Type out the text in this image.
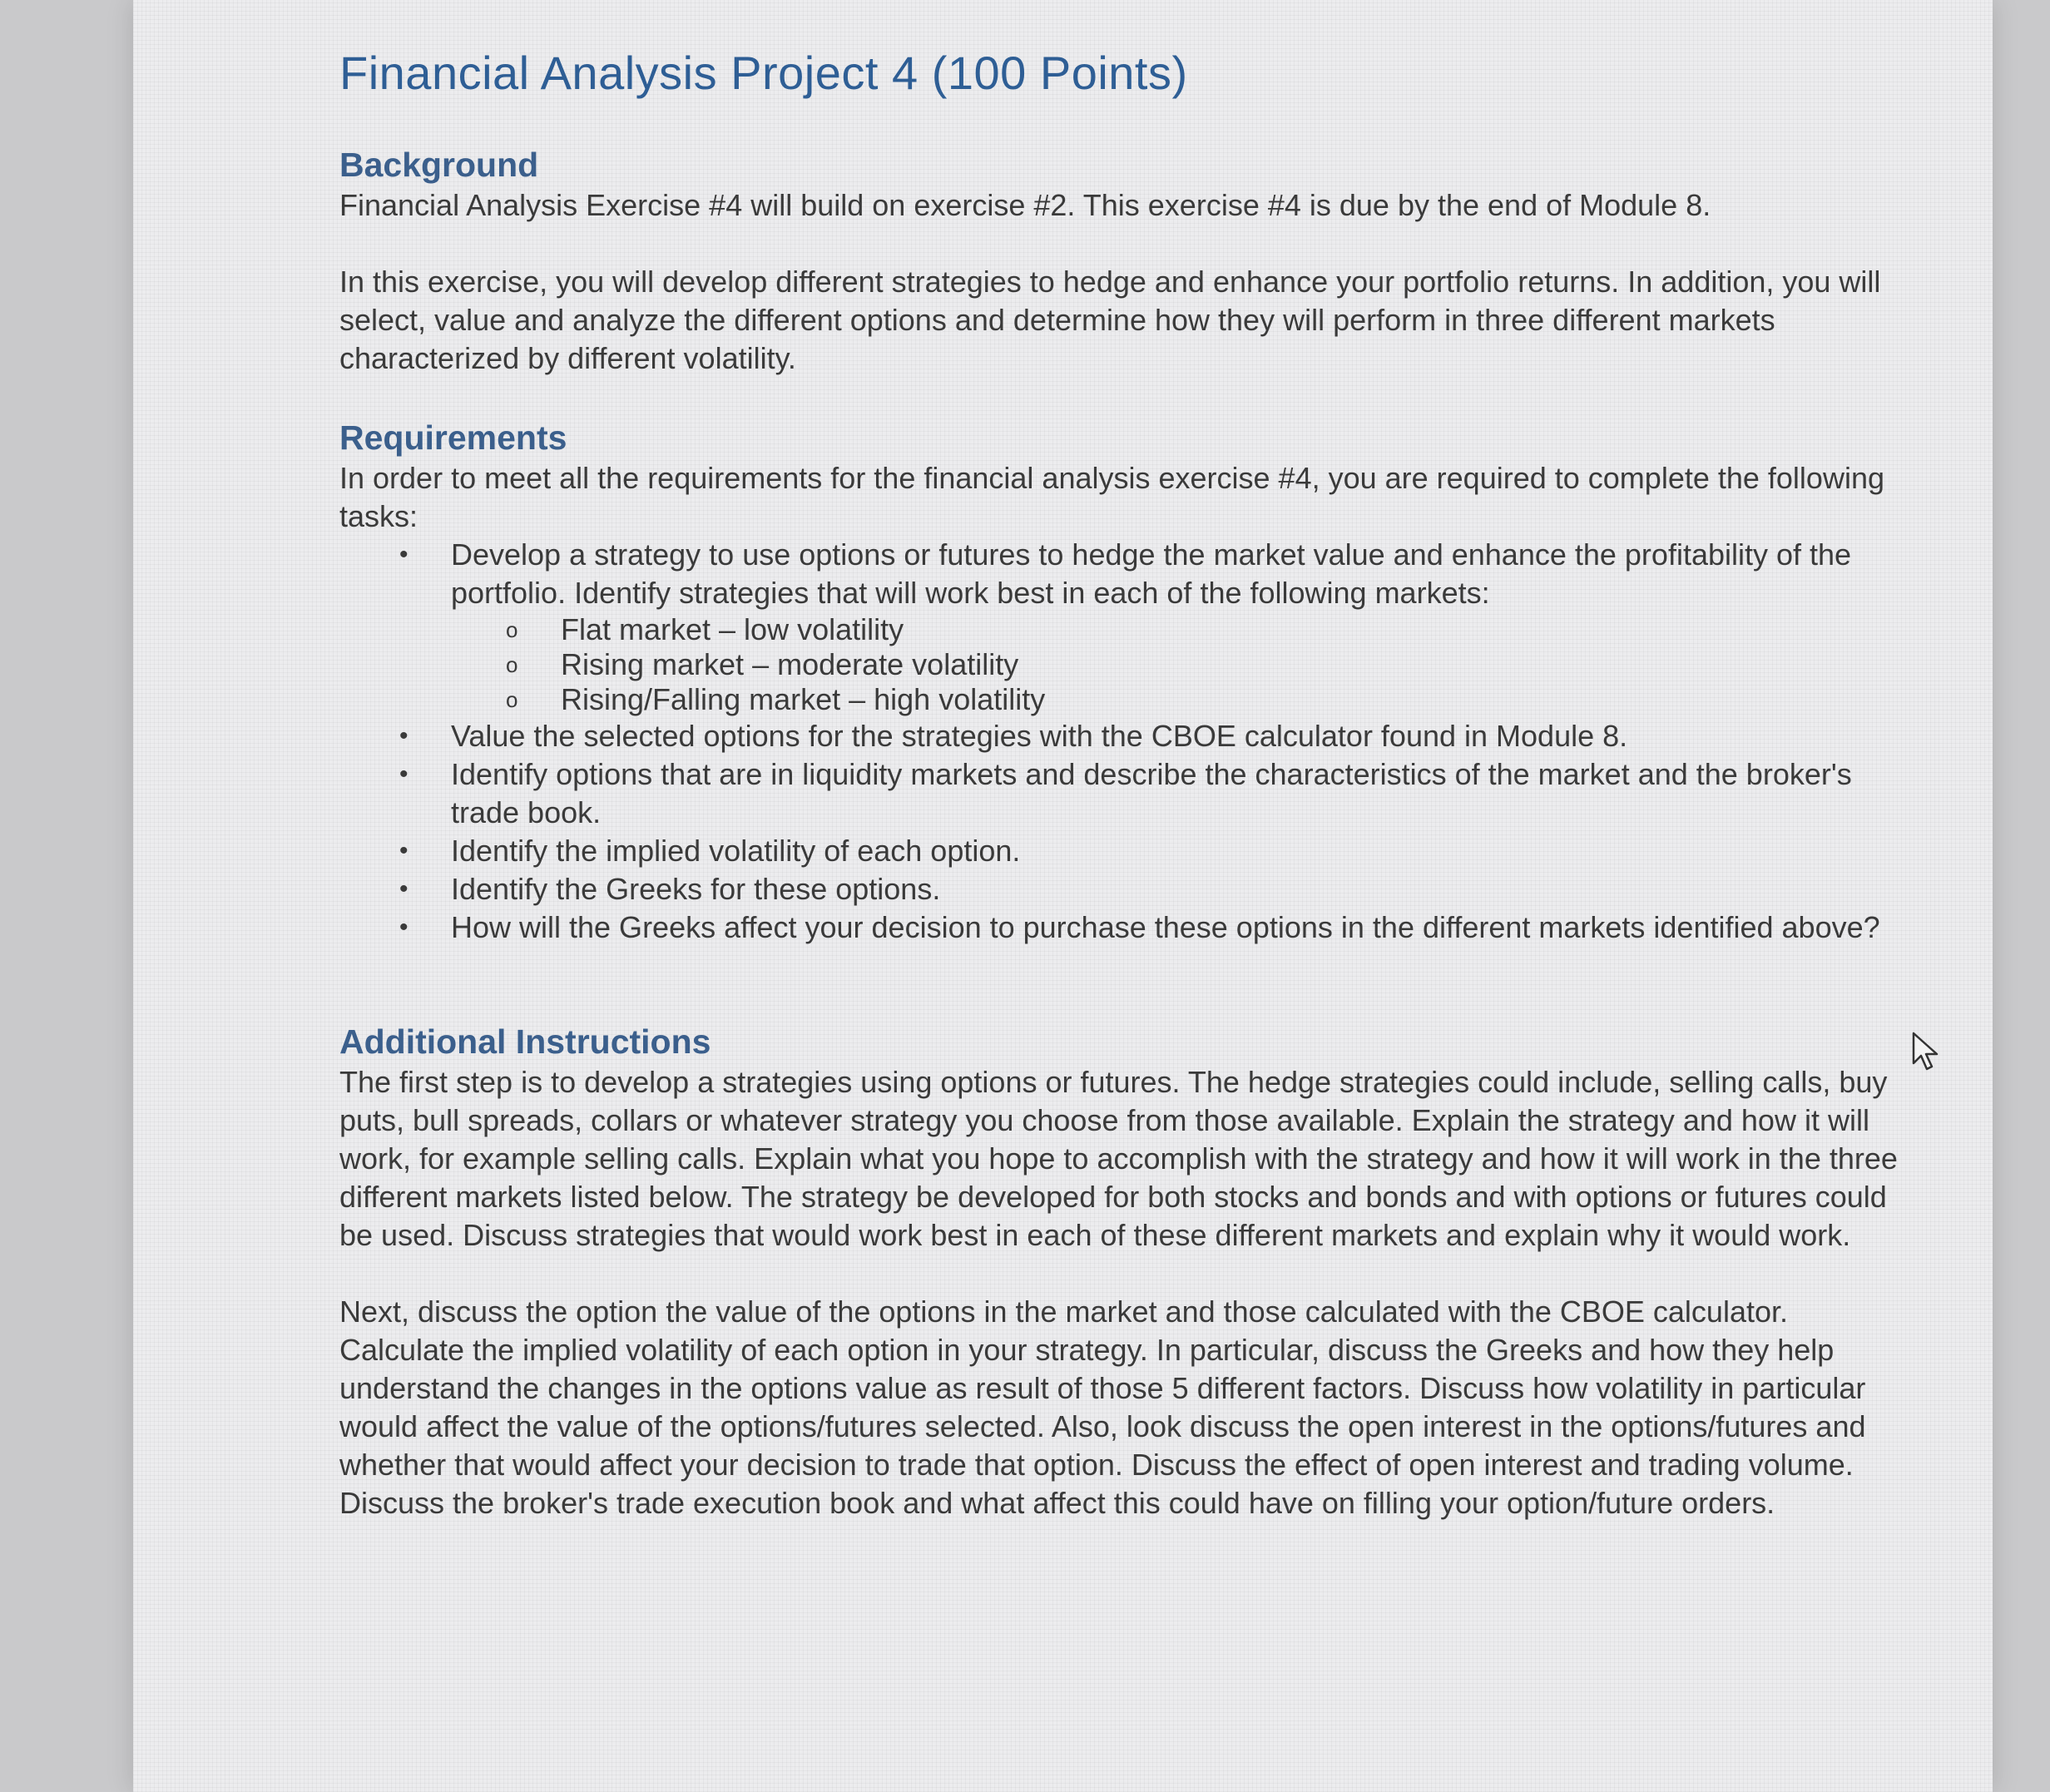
Financial Analysis Project 4 (100 Points)
Background

Financial Analysis Exercise #4 will build on exercise #2. This exercise #4 is due by the end of Module 8.

In this exercise, you will develop different strategies to hedge and enhance your portfolio returns. In addition, you will select, value and analyze the different options and determine how they will perform in three different markets characterized by different volatility.

Requirements

In order to meet all the requirements for the financial analysis exercise #4, you are required to complete the following tasks:

• Develop a strategy to use options or futures to hedge the market value and enhance the profitability of the portfolio. Identify strategies that will work best in each of the following markets:
o Flat market – low volatility
o Rising market – moderate volatility
o Rising/Falling market – high volatility
• Value the selected options for the strategies with the CBOE calculator found in Module 8.
• Identify options that are in liquidity markets and describe the characteristics of the market and the broker's trade book.
• Identify the implied volatility of each option.
• Identify the Greeks for these options.
• How will the Greeks affect your decision to purchase these options in the different markets identified above?
Additional Instructions

The first step is to develop a strategies using options or futures. The hedge strategies could include, selling calls, buy puts, bull spreads, collars or whatever strategy you choose from those available. Explain the strategy and how it will work, for example selling calls. Explain what you hope to accomplish with the strategy and how it will work in the three different markets listed below. The strategy be developed for both stocks and bonds and with options or futures could be used. Discuss strategies that would work best in each of these different markets and explain why it would work.

Next, discuss the option the value of the options in the market and those calculated with the CBOE calculator. Calculate the implied volatility of each option in your strategy. In particular, discuss the Greeks and how they help understand the changes in the options value as result of those 5 different factors. Discuss how volatility in particular would affect the value of the options/futures selected. Also, look discuss the open interest in the options/futures and whether that would affect your decision to trade that option. Discuss the effect of open interest and trading volume. Discuss the broker's trade execution book and what affect this could have on filling your option/future orders.
